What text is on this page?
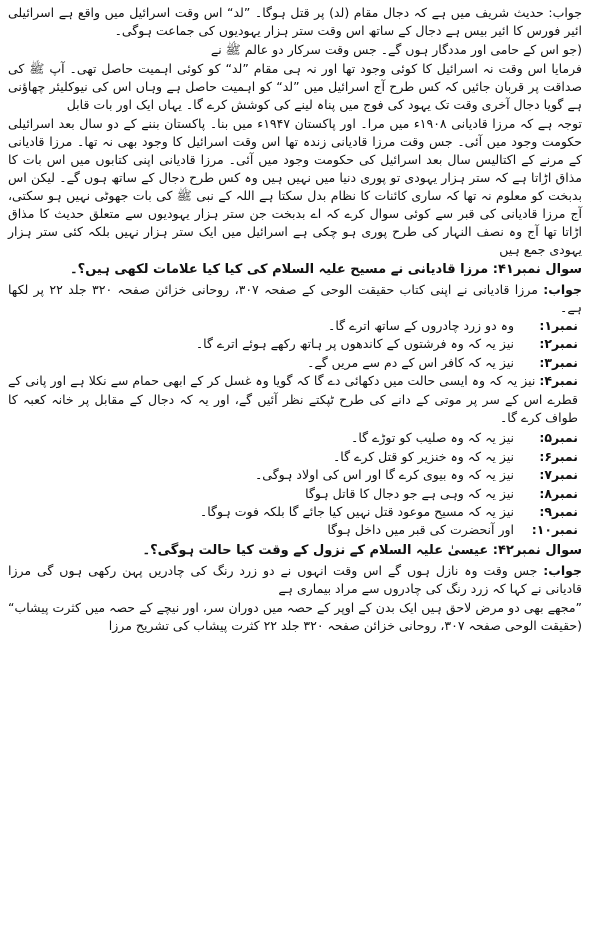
جواب: حدیث شریف میں ہے کہ دجال مقام (لد) پر قتل ہوگا۔ ”لد“ اس وقت اسرائیل میں واقع ہے اسرائیلی ائیر فورس کا ائیر بیس ہے دجال کے ساتھ اس وقت ستر ہزار یہودیوں کی جماعت ہوگی۔

(جو اس کے حامی اور مددگار ہوں گے۔ جس وقت سرکار دو عالم ﷺ نے

فرمایا اس وقت نہ اسرائیل کا کوئی وجود تھا اور نہ ہی مقام ”لد“ کو کوئی اہمیت حاصل تھی۔ آپ ﷺ کی صداقت پر قربان جائیں کہ کس طرح آج اسرائیل میں ”لد“ کو اہمیت حاصل ہے وہاں اس کی نیوکلیئر چھاؤنی ہے گویا دجال آخری وقت تک یہود کی فوج میں پناہ لینے کی کوشش کرے گا۔ یہاں ایک اور بات قابل

توجہ ہے کہ مرزا قادیانی ۱۹۰۸ء میں مرا۔ اور پاکستان ۱۹۴۷ء میں بنا۔ پاکستان بننے کے دو سال بعد اسرائیلی حکومت وجود میں آئی۔ جس وقت مرزا قادیانی زندہ تھا اس وقت اسرائیل کا وجود بھی نہ تھا۔ مرزا قادیانی کے مرنے کے اکتالیس سال بعد اسرائیل کی حکومت وجود میں آئی۔ مرزا قادیانی اپنی کتابوں میں اس بات کا مذاق اڑاتا ہے کہ ستر ہزار یہودی تو پوری دنیا میں نہیں ہیں وہ کس طرح دجال کے ساتھ ہوں گے۔ لیکن اس بدبخت کو معلوم نہ تھا کہ ساری کائنات کا نظام بدل سکتا ہے اللہ کے نبی ﷺ کی بات جھوٹی نہیں ہو سکتی، آج مرزا قادیانی کی قبر سے کوئی سوال کرے کہ اے بدبخت جن ستر ہزار یہودیوں سے متعلق حدیث کا مذاق اڑاتا تھا آج وہ نصف النہار کی طرح پوری ہو چکی ہے اسرائیل میں ایک ستر ہزار نہیں بلکہ کئی ستر ہزار یہودی جمع ہیں

سوال نمبر۴۱: مرزا قادیانی نے مسیح علیہ السلام کی کیا کیا علامات لکھی ہیں؟۔

جواب: مرزا قادیانی نے اپنی کتاب حقیقت الوحی کے صفحہ ۳۰۷، روحانی خزائن صفحہ ۳۲۰ جلد ۲۲ پر لکھا ہے۔

نمبر۱:
وہ دو زرد چادروں کے ساتھ اترے گا۔
نمبر۲:
نیز یہ کہ وہ فرشتوں کے کاندھوں پر ہاتھ رکھے ہوئے اترے گا۔
نمبر۳:
نیز یہ کہ کافر اس کے دم سے مریں گے۔
نمبر۴: نیز یہ کہ وہ ایسی حالت میں دکھائی دے گا کہ گویا وہ غسل کر کے ابھی حمام سے نکلا ہے اور پانی کے قطرے اس کے سر پر موتی کے دانے کی طرح ٹپکتے نظر آئیں گے، اور یہ کہ دجال کے مقابل پر خانہ کعبہ کا طواف کرے گا۔
نمبر۵:
نیز یہ کہ وہ صلیب کو توڑے گا۔
نمبر۶:
نیز یہ کہ وہ خنزیر کو قتل کرے گا۔
نمبر۷:
نیز یہ کہ وہ بیوی کرے گا اور اس کی اولاد ہوگی۔
نمبر۸:
نیز یہ کہ وہی ہے جو دجال کا قاتل ہوگا
نمبر۹:
نیز یہ کہ مسیح موعود قتل نہیں کیا جائے گا بلکہ فوت ہوگا۔
نمبر۱۰:
اور آنحضرت کی قبر میں داخل ہوگا

سوال نمبر۴۲: عیسیٰ علیہ السلام کے نزول کے وقت کیا حالت ہوگی؟۔

جواب: جس وقت وہ نازل ہوں گے اس وقت انہوں نے دو زرد رنگ کی چادریں پہن رکھی ہوں گی مرزا قادیانی نے کہا کہ زرد رنگ کی چادروں سے مراد بیماری ہے

”مجھے بھی دو مرض لاحق ہیں ایک بدن کے اوپر کے حصہ میں دوران سر، اور نیچے کے حصہ میں کثرت پیشاب“ (حقیقت الوحی صفحہ ۳۰۷، روحانی خزائن صفحہ ۳۲۰ جلد ۲۲ کثرت پیشاب کی تشریح مرزا
